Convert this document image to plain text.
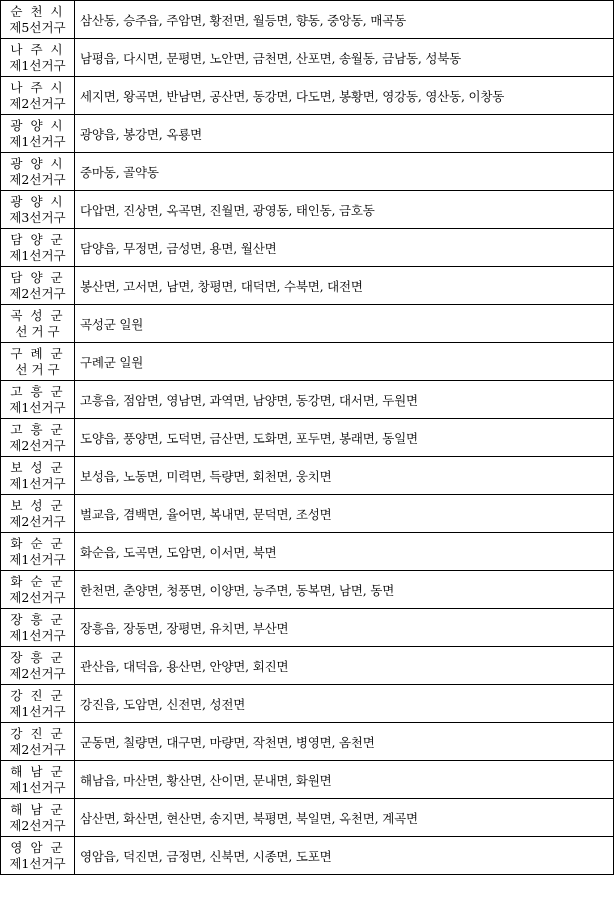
순 천 시
제5선거구	삼산동, 승주읍, 주암면, 황전면, 월등면, 향동, 중앙동, 매곡동

나 주 시
제1선거구	남평읍, 다시면, 문평면, 노안면, 금천면, 산포면, 송월동, 금남동, 성북동

나 주 시
제2선거구	세지면, 왕곡면, 반남면, 공산면, 동강면, 다도면, 봉황면, 영강동, 영산동, 이창동

광 양 시
제1선거구	광양읍, 봉강면, 옥룡면

광 양 시
제2선거구	중마동, 골약동

광 양 시
제3선거구	다압면, 진상면, 옥곡면, 진월면, 광영동, 태인동, 금호동

담 양 군
제1선거구	담양읍, 무정면, 금성면, 용면, 월산면

담 양 군
제2선거구	봉산면, 고서면, 남면, 창평면, 대덕면, 수북면, 대전면

곡 성 군
선 거 구	곡성군 일원

구 례 군
선 거 구	구례군 일원

고 흥 군
제1선거구	고흥읍, 점암면, 영남면, 과역면, 남양면, 동강면, 대서면, 두원면

고 흥 군
제2선거구	도양읍, 풍양면, 도덕면, 금산면, 도화면, 포두면, 봉래면, 동일면

보 성 군
제1선거구	보성읍, 노동면, 미력면, 득량면, 회천면, 웅치면

보 성 군
제2선거구	벌교읍, 겸백면, 율어면, 복내면, 문덕면, 조성면

화 순 군
제1선거구	화순읍, 도곡면, 도암면, 이서면, 북면

화 순 군
제2선거구	한천면, 춘양면, 청풍면, 이양면, 능주면, 동복면, 남면, 동면

장 흥 군
제1선거구	장흥읍, 장동면, 장평면, 유치면, 부산면

장 흥 군
제2선거구	관산읍, 대덕읍, 용산면, 안양면, 회진면

강 진 군
제1선거구	강진읍, 도암면, 신전면, 성전면

강 진 군
제2선거구	군동면, 칠량면, 대구면, 마량면, 작천면, 병영면, 옴천면

해 남 군
제1선거구	해남읍, 마산면, 황산면, 산이면, 문내면, 화원면

해 남 군
제2선거구	삼산면, 화산면, 현산면, 송지면, 북평면, 북일면, 옥천면, 계곡면

영 암 군
제1선거구	영암읍, 덕진면, 금정면, 신북면, 시종면, 도포면
